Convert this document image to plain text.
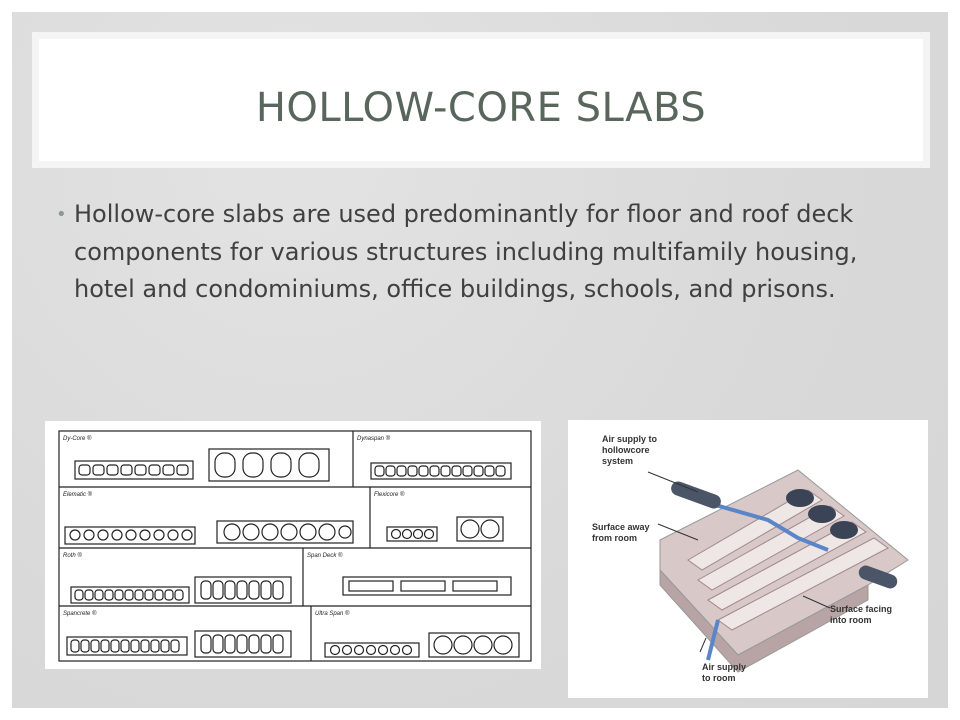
HOLLOW-CORE SLABS
• Hollow-core slabs are used predominantly for floor and roof deck components for various structures including multifamily housing, hotel and condominiums, office buildings, schools, and prisons.

Dy-Core ®	Dynaspan ®
Elematic ®	Flexicore ®
Roth ®	Span Deck ®
Spancrete ®	Ultra Span ®
Air supply to
hollowcore
system
Surface away
from room
Surface facing
into room
Air supply
to room
